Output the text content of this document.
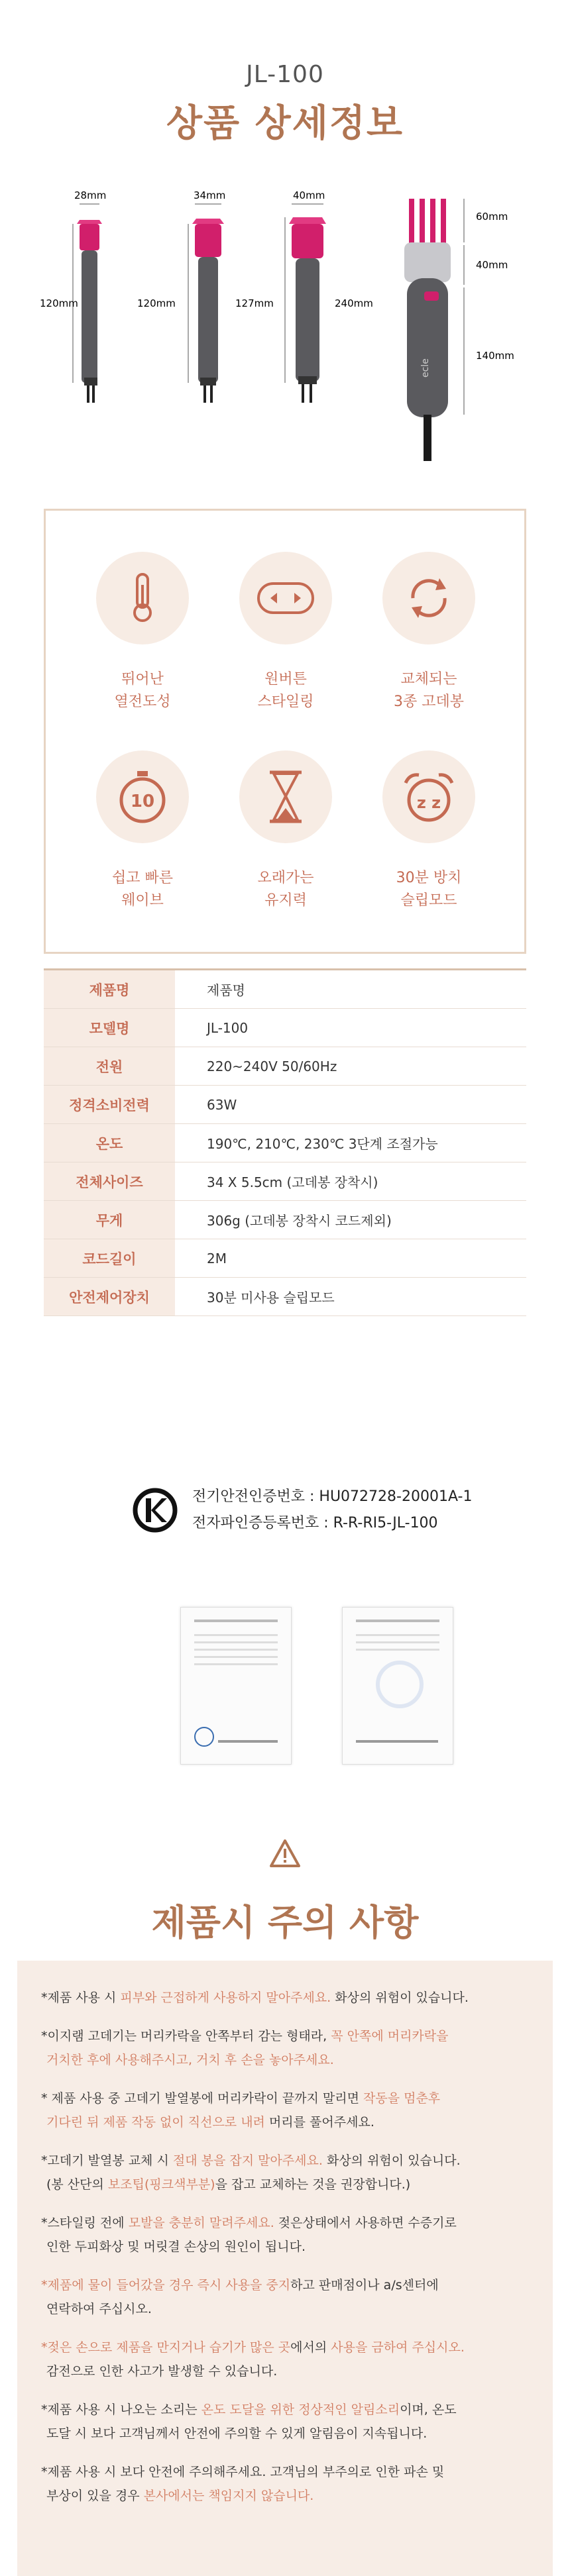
JL-100
상품 상세정보
ecle
28mm
120mm
34mm
120mm	127mm
40mm
240mm
60mm
40mm
140mm
뛰어난
열전도성
원버튼
스타일링
교체되는
3종 고데봉
10
쉽고 빠른
웨이브
오래가는
유지력
z z
30분 방치
슬립모드
제품명	제품명
모델명	JL-100
전원	220~240V 50/60Hz
정격소비전력	63W
온도	190℃, 210℃, 230℃ 3단계 조절가능
전체사이즈	34 X 5.5cm (고데봉 장착시)
무게	306g (고데봉 장착시 코드제외)
코드길이	2M
안전제어장치	30분 미사용 슬립모드
전기안전인증번호 : HU072728-20001A-1
전자파인증등록번호 : R-R-RI5-JL-100
제품시 주의 사항
*제품 사용 시 피부와 근접하게 사용하지 말아주세요. 화상의 위험이 있습니다.
*이지램 고데기는 머리카락을 안쪽부터 감는 형태라, 꼭 안쪽에 머리카락을
거치한 후에 사용해주시고, 거치 후 손을 놓아주세요.
* 제품 사용 중 고데기 발열봉에 머리카락이 끝까지 말리면 작동을 멈춘후
기다린 뒤 제품 작동 없이 직선으로 내려 머리를 풀어주세요.
*고데기 발열봉 교체 시 절대 봉을 잡지 말아주세요. 화상의 위험이 있습니다.
(봉 산단의 보조팁(핑크색부분)을 잡고 교체하는 것을 권장합니다.)
*스타일링 전에 모발을 충분히 말려주세요. 젖은상태에서 사용하면 수증기로
인한 두피화상 및 머릿결 손상의 원인이 됩니다.
*제품에 물이 들어갔을 경우 즉시 사용을 중지하고 판매점이나 a/s센터에
연락하여 주십시오.
*젖은 손으로 제품을 만지거나 습기가 많은 곳에서의 사용을 금하여 주십시오.
감전으로 인한 사고가 발생할 수 있습니다.
*제품 사용 시 나오는 소리는 온도 도달을 위한 정상적인 알림소리이며, 온도
도달 시 보다 고객님께서 안전에 주의할 수 있게 알림음이 지속됩니다.
*제품 사용 시 보다 안전에 주의해주세요. 고객님의 부주의로 인한 파손 및
부상이 있을 경우 본사에서는 책임지지 않습니다.
